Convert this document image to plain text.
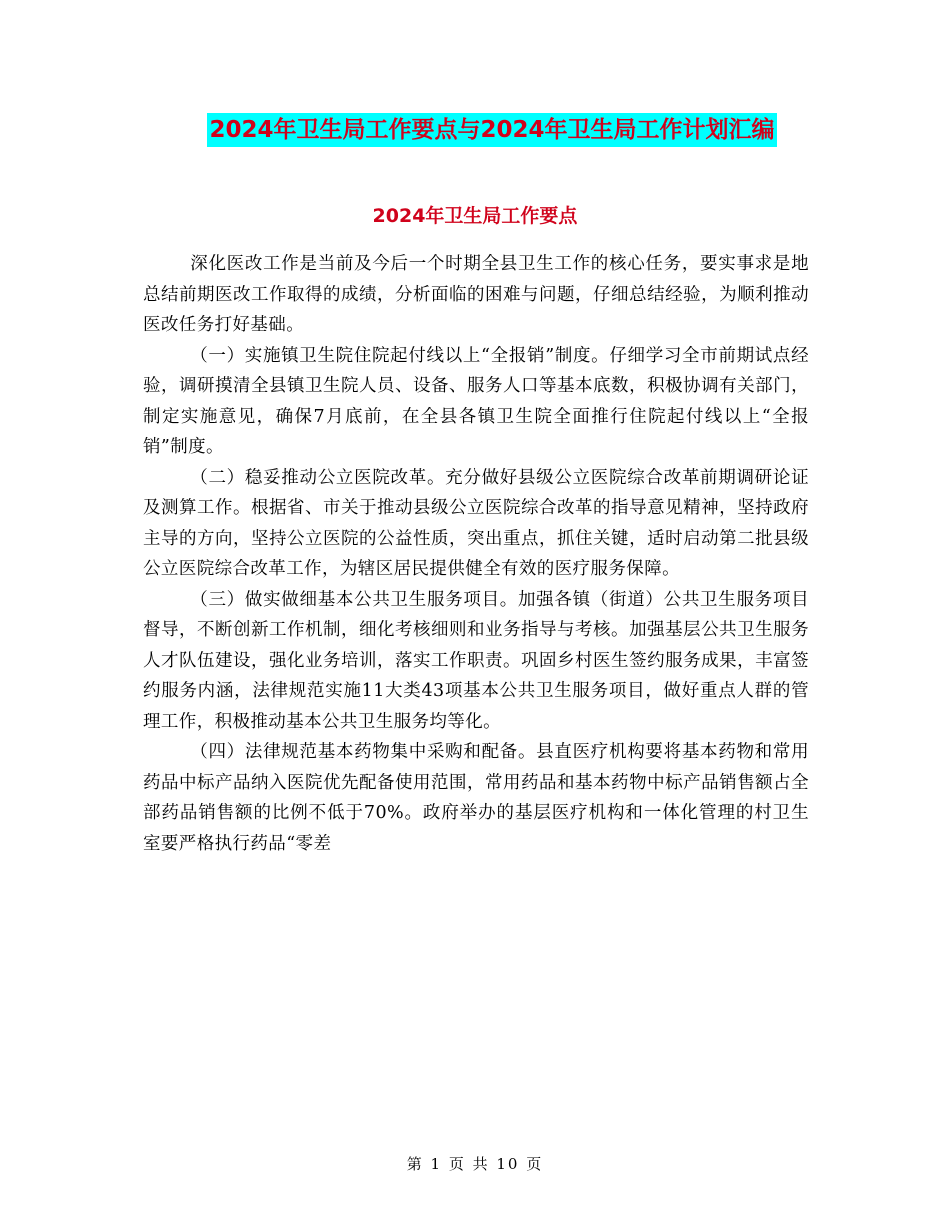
2024年卫生局工作要点与2024年卫生局工作计划汇编
2024年卫生局工作要点

深化医改工作是当前及今后一个时期全县卫生工作的核心任务，要实事求是地总结前期医改工作取得的成绩，分析面临的困难与问题，仔细总结经验，为顺利推动医改任务打好基础。

（一）实施镇卫生院住院起付线以上“全报销”制度。仔细学习全市前期试点经验，调研摸清全县镇卫生院人员、设备、服务人口等基本底数，积极协调有关部门，制定实施意见，确保7月底前，在全县各镇卫生院全面推行住院起付线以上“全报销”制度。

（二）稳妥推动公立医院改革。充分做好县级公立医院综合改革前期调研论证及测算工作。根据省、市关于推动县级公立医院综合改革的指导意见精神，坚持政府主导的方向，坚持公立医院的公益性质，突出重点，抓住关键，适时启动第二批县级公立医院综合改革工作，为辖区居民提供健全有效的医疗服务保障。

（三）做实做细基本公共卫生服务项目。加强各镇（街道）公共卫生服务项目督导，不断创新工作机制，细化考核细则和业务指导与考核。加强基层公共卫生服务人才队伍建设，强化业务培训，落实工作职责。巩固乡村医生签约服务成果，丰富签约服务内涵，法律规范实施11大类43项基本公共卫生服务项目，做好重点人群的管理工作，积极推动基本公共卫生服务均等化。

（四）法律规范基本药物集中采购和配备。县直医疗机构要将基本药物和常用药品中标产品纳入医院优先配备使用范围，常用药品和基本药物中标产品销售额占全部药品销售额的比例不低于70%。政府举办的基层医疗机构和一体化管理的村卫生室要严格执行药品“零差

第 1 页 共 10 页
